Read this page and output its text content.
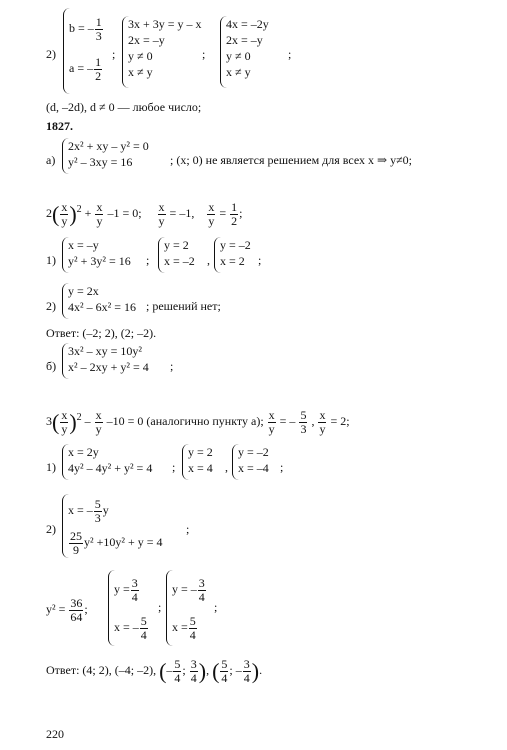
2)
b = – $\frac{1}{3}$
a = – $\frac{1}{2}$
;
3x + 3y = y – x
2x = –y
y ≠ 0
x ≠ y
;
4x = –2y
2x = –y
y ≠ 0
x ≠ y
;
(d, –2d), d ≠ 0 — любое число;
1827.
а)
2x² + xy – y² = 0
y² – 3xy = 16	; (x; 0) не является решением для всех x ⇒ y≠0;
$2( \frac{x}{y} )^2 + \frac{x}{y} -1 = 0$; $\frac{x}{y} = -1$, $\frac{x}{y} = \frac{1}{2}$ ;
1)
x = –y
y² + 3y² = 16 ;
y = 2
x = –2 ,
y = –2
x = 2	;
2)
y = 2x
4x² – 6x² = 16 ; решений нет;
Ответ: (–2; 2), (2; –2).
б)
3x² – xy = 10y²
x² – 2xy + y² = 4 ;
$3( \frac{x}{y} )^2 - \frac{x}{y} -10 = 0$ (аналогично пункту а); $\frac{x}{y}$ = – $\frac{5}{3}$ , $\frac{x}{y} = 2$;
1)
x = 2y
4y² – 4y² + y² = 4 ;
y = 2
x = 4 ,
y = –2
x = –4 ;
2)
x = – $\frac{5}{3}$ y
$\frac{25}{9} y^2 +10y^2 + y = 4$
;
$y^2 = \frac{36}{64}$ ;
$y = \frac{3}{4}$
x = – $\frac{5}{4}$
;
y = – $\frac{3}{4}$
$x = \frac{5}{4}$
;
Ответ: (4; 2), (–4; –2), (– $\frac{5}{4}$ ; $\frac{3}{4}$ ), ( $\frac{5}{4}$ ; – $\frac{3}{4}$ ).
220
